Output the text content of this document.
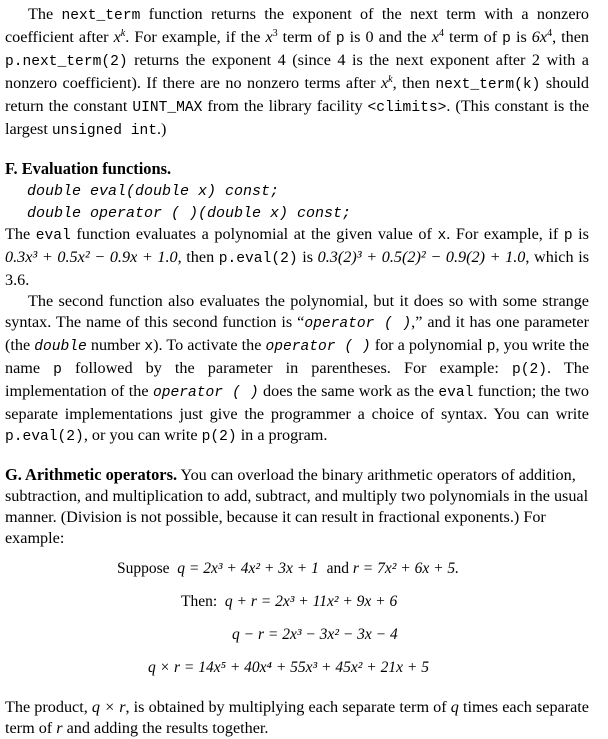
The next_term function returns the exponent of the next term with a nonzero coefficient after $x^k$. For example, if the $x^3$ term of p is 0 and the $x^4$ term of p is $6x^4$, then p.next_term(2) returns the exponent 4 (since 4 is the next exponent after 2 with a nonzero coefficient). If there are no nonzero terms after $x^k$, then next_term(k) should return the constant UINT_MAX from the library facility <climits>. (This constant is the largest unsigned int.)

F. Evaluation functions.
double eval(double x) const;
double operator ( )(double x) const;

The eval function evaluates a polynomial at the given value of x. For example, if p is 0.3x³ + 0.5x² − 0.9x + 1.0, then p.eval(2) is 0.3(2)³ + 0.5(2)² − 0.9(2) + 1.0, which is 3.6.

The second function also evaluates the polynomial, but it does so with some strange syntax. The name of this second function is “operator ( ),” and it has one parameter (the double number x). To activate the operator ( ) for a polynomial p, you write the name p followed by the parameter in parentheses. For example: p(2). The implementation of the operator ( ) does the same work as the eval function; the two separate implementations just give the programmer a choice of syntax. You can write p.eval(2), or you can write p(2) in a program.

G. Arithmetic operators. You can overload the binary arithmetic operators of addition, subtraction, and multiplication to add, subtract, and multiply two polynomials in the usual manner. (Division is not possible, because it can result in fractional exponents.) For example:

Suppose q = 2x³ + 4x² + 3x + 1 and r = 7x² + 6x + 5.
Then: q + r = 2x³ + 11x² + 9x + 6
q − r = 2x³ − 3x² − 3x − 4
q × r = 14x⁵ + 40x⁴ + 55x³ + 45x² + 21x + 5

The product, q × r, is obtained by multiplying each separate term of q times each separate term of r and adding the results together.
